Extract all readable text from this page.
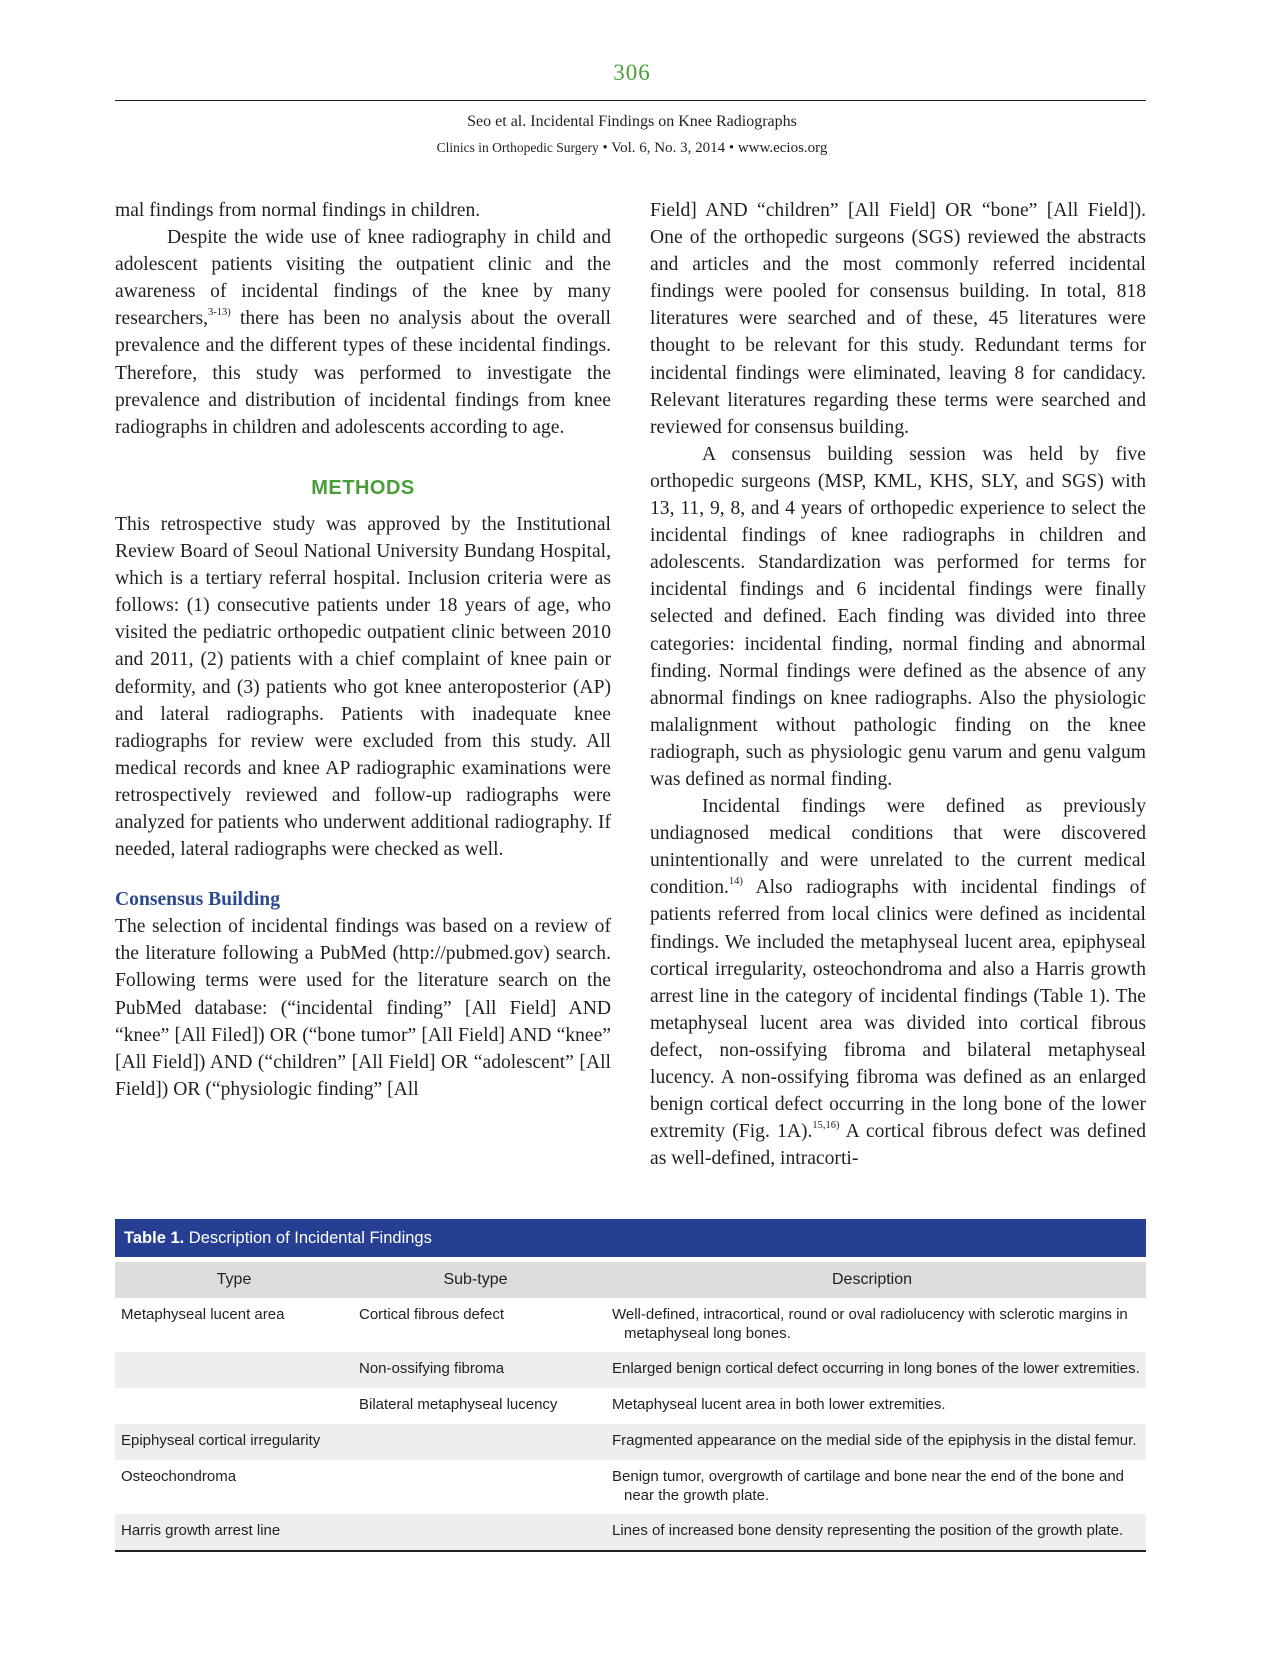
306
Seo et al. Incidental Findings on Knee Radiographs
Clinics in Orthopedic Surgery • Vol. 6, No. 3, 2014 • www.ecios.org

mal findings from normal findings in children.

Despite the wide use of knee radiography in child and adolescent patients visiting the outpatient clinic and the awareness of incidental findings of the knee by many researchers,$^{3-13)}$ there has been no analysis about the overall prevalence and the different types of these incidental findings. Therefore, this study was performed to investigate the prevalence and distribution of incidental findings from knee radiographs in children and adolescents according to age.

METHODS

This retrospective study was approved by the Institutional Review Board of Seoul National University Bundang Hospital, which is a tertiary referral hospital. Inclusion criteria were as follows: (1) consecutive patients under 18 years of age, who visited the pediatric orthopedic outpatient clinic between 2010 and 2011, (2) patients with a chief complaint of knee pain or deformity, and (3) patients who got knee anteroposterior (AP) and lateral radiographs. Patients with inadequate knee radiographs for review were excluded from this study. All medical records and knee AP radiographic examinations were retrospectively reviewed and follow-up radiographs were analyzed for patients who underwent additional radiography. If needed, lateral radiographs were checked as well.

Consensus Building

The selection of incidental findings was based on a review of the literature following a PubMed (http://pubmed.gov) search. Following terms were used for the literature search on the PubMed database: (“incidental finding” [All Field] AND “knee” [All Filed]) OR (“bone tumor” [All Field] AND “knee” [All Field]) AND (“children” [All Field] OR “adolescent” [All Field]) OR (“physiologic finding” [All

Field] AND “children” [All Field] OR “bone” [All Field]). One of the orthopedic surgeons (SGS) reviewed the abstracts and articles and the most commonly referred incidental findings were pooled for consensus building. In total, 818 literatures were searched and of these, 45 literatures were thought to be relevant for this study. Redundant terms for incidental findings were eliminated, leaving 8 for candidacy. Relevant literatures regarding these terms were searched and reviewed for consensus building.

A consensus building session was held by five orthopedic surgeons (MSP, KML, KHS, SLY, and SGS) with 13, 11, 9, 8, and 4 years of orthopedic experience to select the incidental findings of knee radiographs in children and adolescents. Standardization was performed for terms for incidental findings and 6 incidental findings were finally selected and defined. Each finding was divided into three categories: incidental finding, normal finding and abnormal finding. Normal findings were defined as the absence of any abnormal findings on knee radiographs. Also the physiologic malalignment without pathologic finding on the knee radiograph, such as physiologic genu varum and genu valgum was defined as normal finding.

Incidental findings were defined as previously undiagnosed medical conditions that were discovered unintentionally and were unrelated to the current medical condition.$^{14)}$ Also radiographs with incidental findings of patients referred from local clinics were defined as incidental findings. We included the metaphyseal lucent area, epiphyseal cortical irregularity, osteochondroma and also a Harris growth arrest line in the category of incidental findings (Table 1). The metaphyseal lucent area was divided into cortical fibrous defect, non-ossifying fibroma and bilateral metaphyseal lucency. A non-ossifying fibroma was defined as an enlarged benign cortical defect occurring in the long bone of the lower extremity (Fig. 1A).$^{15,16)}$ A cortical fibrous defect was defined as well-defined, intracorti-

Table 1. Description of Incidental Findings
Type	Sub-type	Description
Metaphyseal lucent area	Cortical fibrous defect	Well-defined, intracortical, round or oval radiolucency with sclerotic margins in metaphyseal long bones.

	Non-ossifying fibroma	Enlarged benign cortical defect occurring in long bones of the lower extremities.

	Bilateral metaphyseal lucency	Metaphyseal lucent area in both lower extremities.

Epiphyseal cortical irregularity		Fragmented appearance on the medial side of the epiphysis in the distal femur.

Osteochondroma		Benign tumor, overgrowth of cartilage and bone near the end of the bone and near the growth plate.

Harris growth arrest line		Lines of increased bone density representing the position of the growth plate.
